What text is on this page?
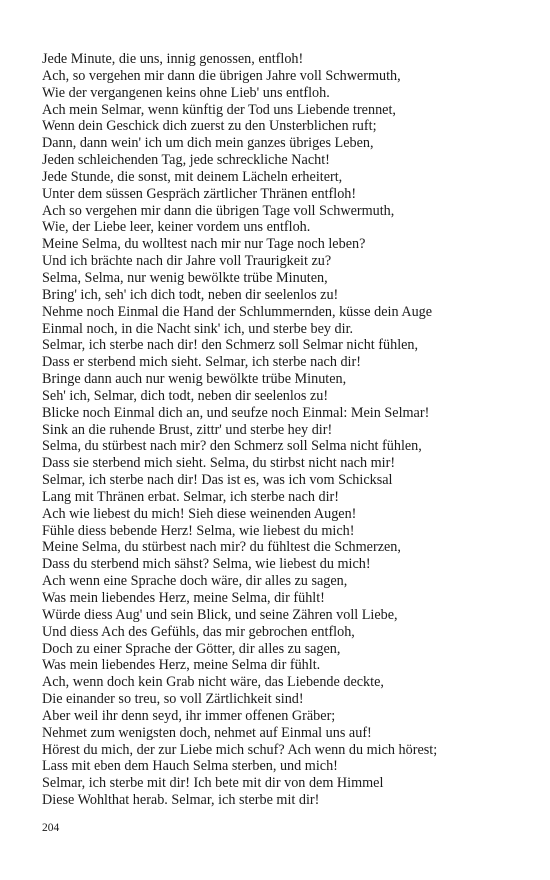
Jede Minute, die uns, innig genossen, entfloh!
Ach, so vergehen mir dann die übrigen Jahre voll Schwermuth,
Wie der vergangenen keins ohne Lieb' uns entfloh.
Ach mein Selmar, wenn künftig der Tod uns Liebende trennet,
Wenn dein Geschick dich zuerst zu den Unsterblichen ruft;
Dann, dann wein' ich um dich mein ganzes übriges Leben,
Jeden schleichenden Tag, jede schreckliche Nacht!
Jede Stunde, die sonst, mit deinem Lächeln erheitert,
Unter dem süssen Gespräch zärtlicher Thränen entfloh!
Ach so vergehen mir dann die übrigen Tage voll Schwermuth,
Wie, der Liebe leer, keiner vordem uns entfloh.
Meine Selma, du wolltest nach mir nur Tage noch leben?
Und ich brächte nach dir Jahre voll Traurigkeit zu?
Selma, Selma, nur wenig bewölkte trübe Minuten,
Bring' ich, seh' ich dich todt, neben dir seelenlos zu!
Nehme noch Einmal die Hand der Schlummernden, küsse dein Auge
Einmal noch, in die Nacht sink' ich, und sterbe bey dir.
Selmar, ich sterbe nach dir! den Schmerz soll Selmar nicht fühlen,
Dass er sterbend mich sieht. Selmar, ich sterbe nach dir!
Bringe dann auch nur wenig bewölkte trübe Minuten,
Seh' ich, Selmar, dich todt, neben dir seelenlos zu!
Blicke noch Einmal dich an, und seufze noch Einmal: Mein Selmar!
Sink an die ruhende Brust, zittr' und sterbe hey dir!
Selma, du stürbest nach mir? den Schmerz soll Selma nicht fühlen,
Dass sie sterbend mich sieht. Selma, du stirbst nicht nach mir!
Selmar, ich sterbe nach dir! Das ist es, was ich vom Schicksal
Lang mit Thränen erbat. Selmar, ich sterbe nach dir!
Ach wie liebest du mich! Sieh diese weinenden Augen!
Fühle diess bebende Herz! Selma, wie liebest du mich!
Meine Selma, du stürbest nach mir? du fühltest die Schmerzen,
Dass du sterbend mich sähst? Selma, wie liebest du mich!
Ach wenn eine Sprache doch wäre, dir alles zu sagen,
Was mein liebendes Herz, meine Selma, dir fühlt!
Würde diess Aug' und sein Blick, und seine Zähren voll Liebe,
Und diess Ach des Gefühls, das mir gebrochen entfloh,
Doch zu einer Sprache der Götter, dir alles zu sagen,
Was mein liebendes Herz, meine Selma dir fühlt.
Ach, wenn doch kein Grab nicht wäre, das Liebende deckte,
Die einander so treu, so voll Zärtlichkeit sind!
Aber weil ihr denn seyd, ihr immer offenen Gräber;
Nehmet zum wenigsten doch, nehmet auf Einmal uns auf!
Hörest du mich, der zur Liebe mich schuf? Ach wenn du mich hörest;
Lass mit eben dem Hauch Selma sterben, und mich!
Selmar, ich sterbe mit dir! Ich bete mit dir von dem Himmel
Diese Wohlthat herab. Selmar, ich sterbe mit dir!
204
